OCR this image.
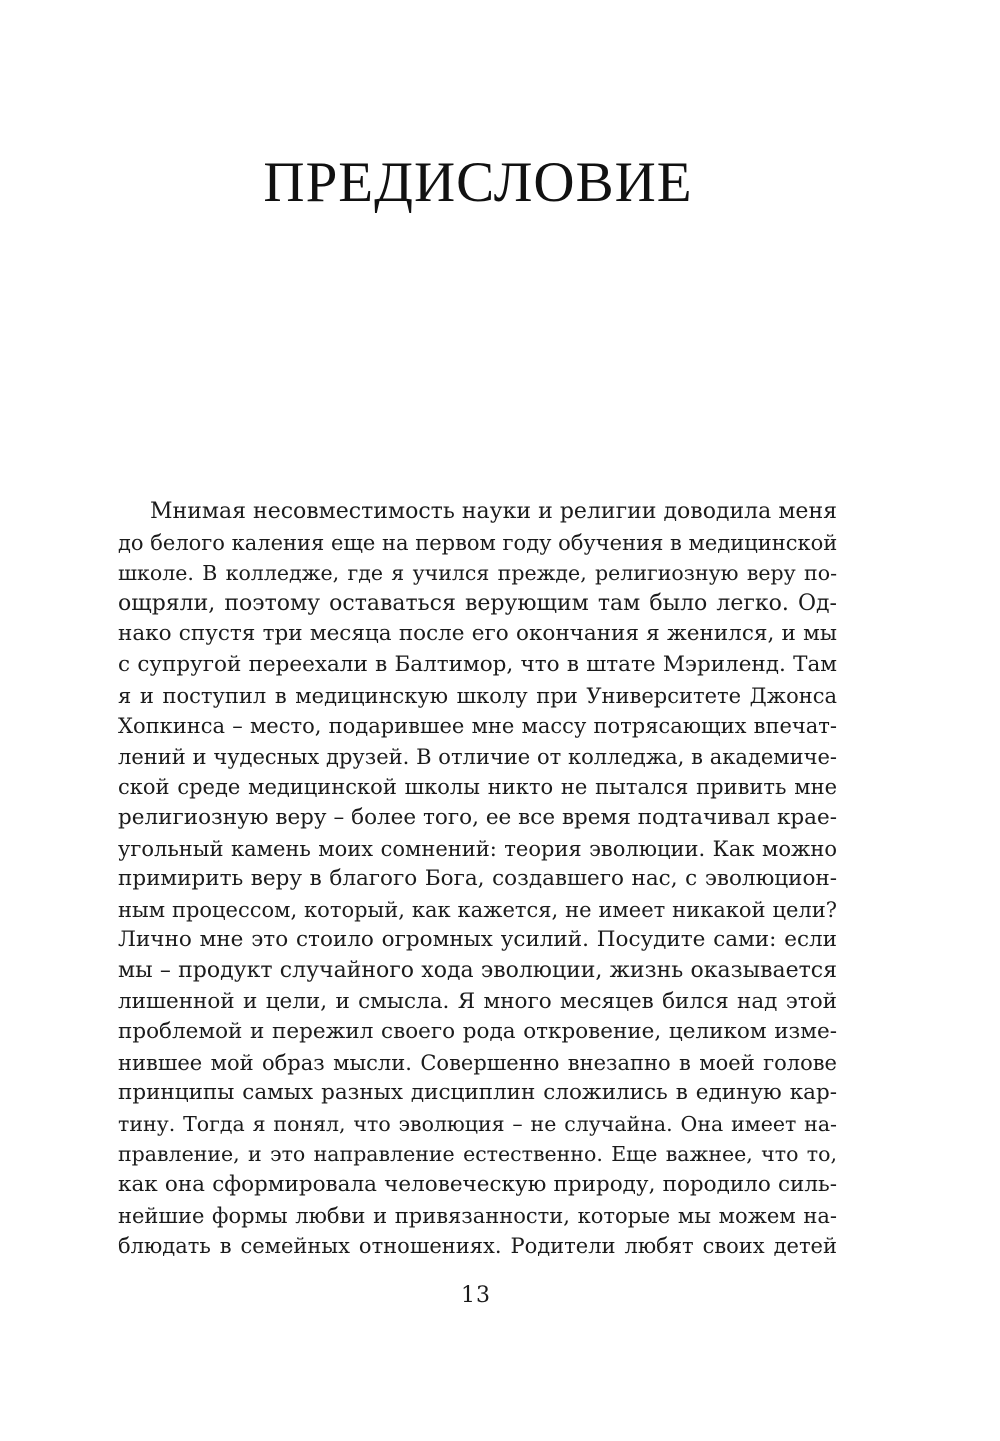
ПРЕДИСЛОВИЕ
Мнимая несовместимость науки и религии доводила меня
до белого каления еще на первом году обучения в медицинской
школе. В колледже, где я учился прежде, религиозную веру по-
ощряли, поэтому оставаться верующим там было легко. Од-
нако спустя три месяца после его окончания я женился, и мы
с супругой переехали в Балтимор, что в штате Мэриленд. Там
я и поступил в медицинскую школу при Университете Джонса
Хопкинса – место, подарившее мне массу потрясающих впечат-
лений и чудесных друзей. В отличие от колледжа, в академиче-
ской среде медицинской школы никто не пытался привить мне
религиозную веру – более того, ее все время подтачивал крае-
угольный камень моих сомнений: теория эволюции. Как можно
примирить веру в благого Бога, создавшего нас, с эволюцион-
ным процессом, который, как кажется, не имеет никакой цели?
Лично мне это стоило огромных усилий. Посудите сами: если
мы – продукт случайного хода эволюции, жизнь оказывается
лишенной и цели, и смысла. Я много месяцев бился над этой
проблемой и пережил своего рода откровение, целиком изме-
нившее мой образ мысли. Совершенно внезапно в моей голове
принципы самых разных дисциплин сложились в единую кар-
тину. Тогда я понял, что эволюция – не случайна. Она имеет на-
правление, и это направление естественно. Еще важнее, что то,
как она сформировала человеческую природу, породило силь-
нейшие формы любви и привязанности, которые мы можем на-
блюдать в семейных отношениях. Родители любят своих детей
13
